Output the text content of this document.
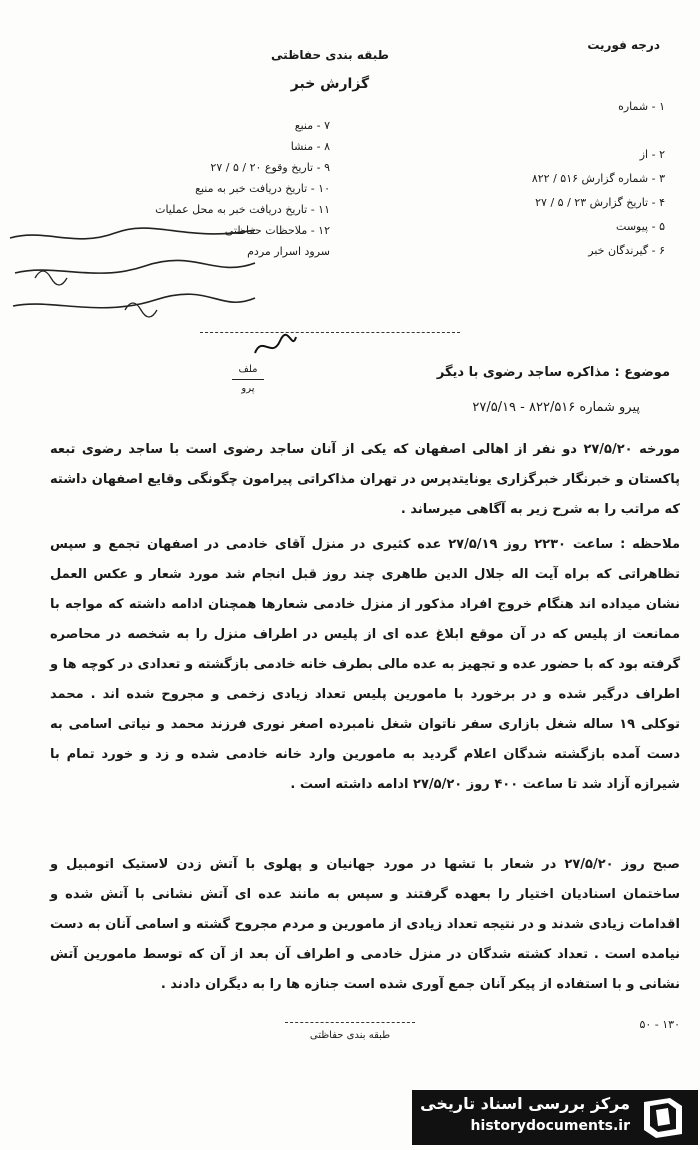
درجه فوریت
طبقه بندی حفاظتی
گزارش خبر
۷ - منبع
۸ - منشا
۹ - تاریخ وقوع ۲۰ / ۵ / ۲۷
۱۰ - تاریخ دریافت خبر به منبع
۱۱ - تاریخ دریافت خبر به محل عملیات
۱۲ - ملاحظات حفاظتی
سرود اسرار مردم
۱ - شماره

۲ - از
۳ - شماره گزارش ۵۱۶ / ۸۲۲
۴ - تاریخ گزارش ۲۳ / ۵ / ۲۷
۵ - پیوست
۶ - گیرندگان خبر
ملف
پرو
موضوع : مذاکره ساجد رضوی با دیگر
پیرو شماره ۸۲۲/۵۱۶ - ۲۷/۵/۱۹
مورخه ۲۷/۵/۲۰ دو نفر از اهالی اصفهان که یکی از آنان ساجد رضوی است با ساجد رضوی تبعه پاکستان و خبرنگار خبرگزاری یونایتدپرس در تهران مذاکراتی پیرامون چگونگی وقایع اصفهان داشته که مراتب را به شرح زیر به آگاهی میرساند .
ملاحظه : ساعت ۲۲۳۰ روز ۲۷/۵/۱۹ عده کثیری در منزل آقای خادمی در اصفهان تجمع و سپس تظاهراتی که براه آیت اله جلال الدین طاهری چند روز قبل انجام شد مورد شعار و عکس العمل نشان میداده اند هنگام خروج افراد مذکور از منزل خادمی شعارها همچنان ادامه داشته که مواجه با ممانعت از پلیس که در آن موقع ابلاغ عده ای از پلیس در اطراف منزل را به شخصه در محاصره گرفته بود که با حضور عده و تجهیز به عده مالی بطرف خانه خادمی بازگشته و تعدادی در کوچه ها و اطراف درگیر شده و در برخورد با مامورین پلیس تعداد زیادی زخمی و مجروح شده اند . محمد توکلی ۱۹ ساله شغل بازاری سفر ناتوان شغل نامبرده اصغر نوری فرزند محمد و نیاتی اسامی به دست آمده بازگشته شدگان اعلام گردید به مامورین وارد خانه خادمی شده و زد و خورد تمام با شیرازه آزاد شد تا ساعت ۴۰۰ روز ۲۷/۵/۲۰ ادامه داشته است .
صبح روز ۲۷/۵/۲۰ در شعار با تشها در مورد جهانیان و پهلوی با آتش زدن لاستیک اتومبیل و ساختمان اسنادیان اختیار را بعهده گرفتند و سپس به مانند عده ای آتش نشانی با آتش شده و اقدامات زیادی شدند و در نتیجه تعداد زیادی از مامورین و مردم مجروح گشته و اسامی آنان به دست نیامده است . تعداد کشته شدگان در منزل خادمی و اطراف آن بعد از آن که توسط مامورین آتش نشانی و با استفاده از پیکر آنان جمع آوری شده است جنازه ها را به دیگران دادند .
طبقه بندی حفاظتی
۱۳۰ - ۵۰
مرکز بررسی اسناد تاریخی
historydocuments.ir
